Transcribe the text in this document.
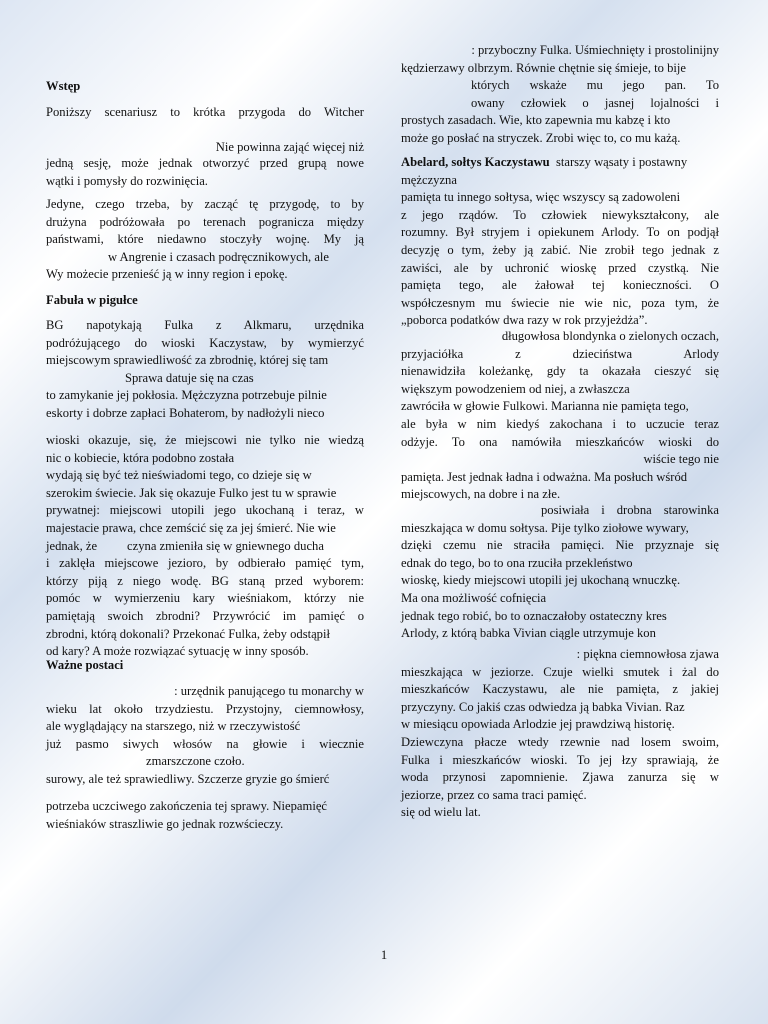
Wstęp
Poniższy scenariusz to krótka przygoda do Witcher
Nie powinna zająć więcej niż
jedną sesję, może jednak otworzyć przed grupą nowe
wątki i pomysły do rozwinięcia.
Jedyne, czego trzeba, by zacząć tę przygodę, to by
drużyna podróżowała po terenach pogranicza między
państwami, które niedawno stoczyły wojnę. My ją
w Angrenie i czasach podręcznikowych, ale
Wy możecie przenieść ją w inny region i epokę.
Fabuła w pigułce
BG napotykają Fulka z Alkmaru, urzędnika
podróżującego do wioski Kaczystaw, by wymierzyć
miejscowym sprawiedliwość za zbrodnię, której się tam
Sprawa datuje się na czas
to zamykanie jej pokłosia. Mężczyzna potrzebuje pilnie
eskorty i dobrze zapłaci Bohaterom, by nadłożyli nieco
wioski okazuje, się, że miejscowi nie tylko nie wiedzą
nic o kobiecie, która podobno została
wydają się być też nieświadomi tego, co dzieje się w
szerokim świecie. Jak się okazuje Fulko jest tu w sprawie
prywatnej: miejscowi utopili jego ukochaną i teraz, w
majestacie prawa, chce zemścić się za jej śmierć. Nie wie
jednak, że czyna zmieniła się w gniewnego ducha
i zaklęła miejscowe jezioro, by odbierało pamięć tym,
którzy piją z niego wodę. BG staną przed wyborem:
pomóc w wymierzeniu kary wieśniakom, którzy nie
pamiętają swoich zbrodni? Przywrócić im pamięć o
zbrodni, którą dokonali? Przekonać Fulka, żeby odstąpił
od kary? A może rozwiązać sytuację w inny sposób.
Ważne postaci
: urzędnik panującego tu monarchy w
wieku lat około trzydziestu. Przystojny, ciemnowłosy,
ale wyglądający na starszego, niż w rzeczywistość
już pasmo siwych włosów na głowie i wiecznie
zmarszczone czoło.
surowy, ale też sprawiedliwy. Szczerze gryzie go śmierć
potrzeba uczciwego zakończenia tej sprawy. Niepamięć
wieśniaków straszliwie go jednak rozwścieczy.
: przyboczny Fulka. Uśmiechnięty i prostolinijny
kędzierzawy olbrzym. Równie chętnie się śmieje, to bije
których wskaże mu jego pan. To
owany człowiek o jasnej lojalności i
prostych zasadach. Wie, kto zapewnia mu kabzę i kto
może go posłać na stryczek. Zrobi więc to, co mu każą.
Abelard, sołtys Kaczystawu starszy wąsaty i postawny
mężczyzna
pamięta tu innego sołtysa, więc wszyscy są zadowoleni
z jego rządów. To człowiek niewykształcony, ale
rozumny. Był stryjem i opiekunem Arlody. To on podjął
decyzję o tym, żeby ją zabić. Nie zrobił tego jednak z
zawiści, ale by uchronić wioskę przed czystką. Nie
pamięta tego, ale żałował tej konieczności. O
współczesnym mu świecie nie wie nic, poza tym, że
„poborca podatków dwa razy w rok przyjeżdża”.
długowłosa blondynka o zielonych oczach,
przyjaciółka z dzieciństwa Arlody
nienawidziła koleżankę, gdy ta okazała cieszyć się
większym powodzeniem od niej, a zwłaszcza
zawróciła w głowie Fulkowi. Marianna nie pamięta tego,
ale była w nim kiedyś zakochana i to uczucie teraz
odżyje. To ona namówiła mieszkańców wioski do
wiście tego nie
pamięta. Jest jednak ładna i odważna. Ma posłuch wśród
miejscowych, na dobre i na złe.
posiwiała i drobna starowinka
mieszkająca w domu sołtysa. Pije tylko ziołowe wywary,
dzięki czemu nie straciła pamięci. Nie przyznaje się
ednak do tego, bo to ona rzuciła przekleństwo
wioskę, kiedy miejscowi utopili jej ukochaną wnuczkę.
Ma ona możliwość cofnięcia
jednak tego robić, bo to oznaczałoby ostateczny kres
Arlody, z którą babka Vivian ciągle utrzymuje kon
: piękna ciemnowłosa zjawa
mieszkająca w jeziorze. Czuje wielki smutek i żal do
mieszkańców Kaczystawu, ale nie pamięta, z jakiej
przyczyny. Co jakiś czas odwiedza ją babka Vivian. Raz
w miesiącu opowiada Arlodzie jej prawdziwą historię.
Dziewczyna płacze wtedy rzewnie nad losem swoim,
Fulka i mieszkańców wioski. To jej łzy sprawiają, że
woda przynosi zapomnienie. Zjawa zanurza się w
jeziorze, przez co sama traci pamięć.
się od wielu lat.
1
